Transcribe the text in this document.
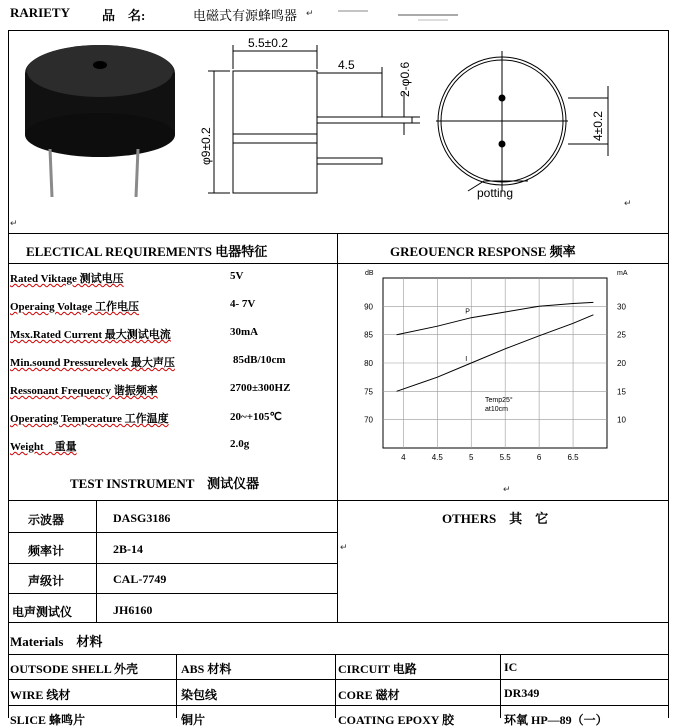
RARIETY 品　名:	电磁式有源蜂鸣器 ↵
5.5±0.2
4.5	2-φ0.6
φ9±0.2
4±0.2
potting
↵
↵
ELECTICAL REQUIREMENTS 电器特征	GREOUENCR RESPONSE 频率
Rated Viktage 测试电压	5V
Operaing Voltage 工作电压	4- 7V
Msx.Rated Current 最大测试电流	30mA
Min.sound Pressurelevek 最大声压	85dB/10cm
Ressonant Frequency 谐振频率	2700±300HZ
Operating Temperature 工作温度	20~+105℃
Weight　重量	2.0g
4	4.5	5	5.5	6	6.5
70
75
80
85
90
10
15
20
25
30
dB	mA
P
I
Temp25°
at10cm
↵
TEST INSTRUMENT　测试仪器
示波器	DASG3186
频率计	2B-14
声级计	CAL-7749
电声测试仪	JH6160
OTHERS　其　它
↵
Materials　材料
OUTSODE SHELL 外壳	ABS 材料	CIRCUIT 电路	IC
WIRE 线材	染包线	CORE 磁材	DR349
SLICE 蜂鸣片	铜片	COATING EPOXY 胶	环氧 HP—89（一）
